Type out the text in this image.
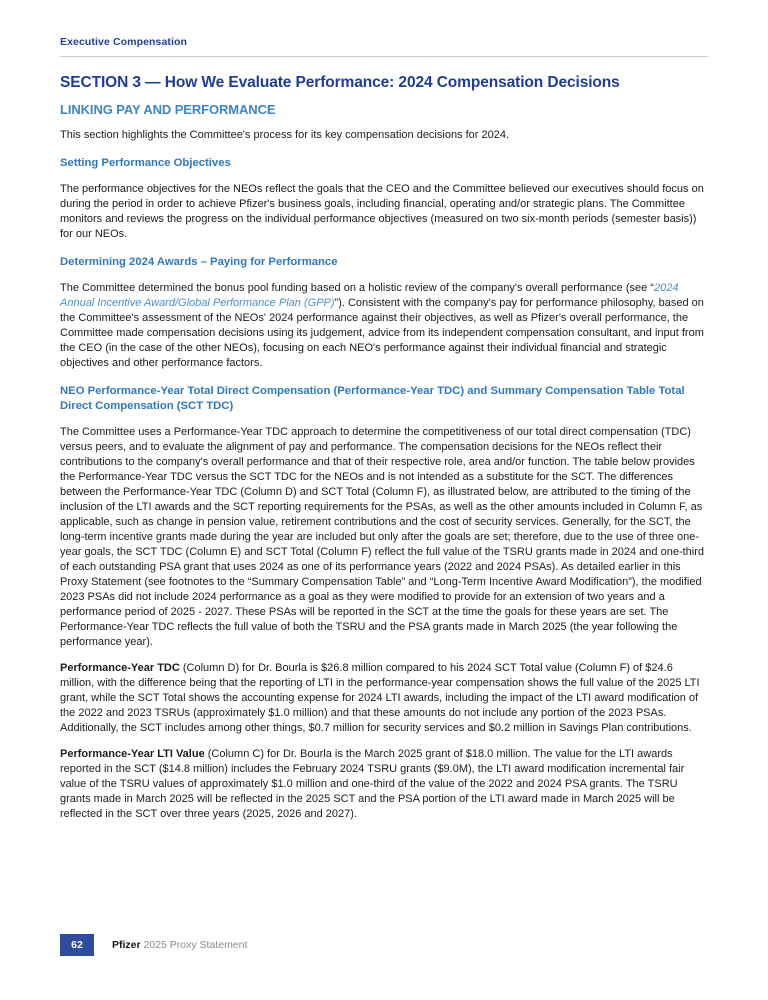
Executive Compensation
SECTION 3 — How We Evaluate Performance: 2024 Compensation Decisions
LINKING PAY AND PERFORMANCE

This section highlights the Committee's process for its key compensation decisions for 2024.

Setting Performance Objectives

The performance objectives for the NEOs reflect the goals that the CEO and the Committee believed our executives should focus on during the period in order to achieve Pfizer's business goals, including financial, operating and/or strategic plans. The Committee monitors and reviews the progress on the individual performance objectives (measured on two six-month periods (semester basis)) for our NEOs.

Determining 2024 Awards – Paying for Performance

The Committee determined the bonus pool funding based on a holistic review of the company's overall performance (see “2024 Annual Incentive Award/Global Performance Plan (GPP)”). Consistent with the company's pay for performance philosophy, based on the Committee's assessment of the NEOs' 2024 performance against their objectives, as well as Pfizer's overall performance, the Committee made compensation decisions using its judgement, advice from its independent compensation consultant, and input from the CEO (in the case of the other NEOs), focusing on each NEO's performance against their individual financial and strategic objectives and other performance factors.

NEO Performance-Year Total Direct Compensation (Performance-Year TDC) and Summary Compensation Table Total Direct Compensation (SCT TDC)

The Committee uses a Performance-Year TDC approach to determine the competitiveness of our total direct compensation (TDC) versus peers, and to evaluate the alignment of pay and performance. The compensation decisions for the NEOs reflect their contributions to the company's overall performance and that of their respective role, area and/or function. The table below provides the Performance-Year TDC versus the SCT TDC for the NEOs and is not intended as a substitute for the SCT. The differences between the Performance-Year TDC (Column D) and SCT Total (Column F), as illustrated below, are attributed to the timing of the inclusion of the LTI awards and the SCT reporting requirements for the PSAs, as well as the other amounts included in Column F, as applicable, such as change in pension value, retirement contributions and the cost of security services. Generally, for the SCT, the long-term incentive grants made during the year are included but only after the goals are set; therefore, due to the use of three one-year goals, the SCT TDC (Column E) and SCT Total (Column F) reflect the full value of the TSRU grants made in 2024 and one-third of each outstanding PSA grant that uses 2024 as one of its performance years (2022 and 2024 PSAs). As detailed earlier in this Proxy Statement (see footnotes to the “Summary Compensation Table” and “Long-Term Incentive Award Modification”), the modified 2023 PSAs did not include 2024 performance as a goal as they were modified to provide for an extension of two years and a performance period of 2025 - 2027. These PSAs will be reported in the SCT at the time the goals for these years are set. The Performance-Year TDC reflects the full value of both the TSRU and the PSA grants made in March 2025 (the year following the performance year).

Performance-Year TDC (Column D) for Dr. Bourla is $26.8 million compared to his 2024 SCT Total value (Column F) of $24.6 million, with the difference being that the reporting of LTI in the performance-year compensation shows the full value of the 2025 LTI grant, while the SCT Total shows the accounting expense for 2024 LTI awards, including the impact of the LTI award modification of the 2022 and 2023 TSRUs (approximately $1.0 million) and that these amounts do not include any portion of the 2023 PSAs. Additionally, the SCT includes among other things, $0.7 million for security services and $0.2 million in Savings Plan contributions.

Performance-Year LTI Value (Column C) for Dr. Bourla is the March 2025 grant of $18.0 million. The value for the LTI awards reported in the SCT ($14.8 million) includes the February 2024 TSRU grants ($9.0M), the LTI award modification incremental fair value of the TSRU values of approximately $1.0 million and one-third of the value of the 2022 and 2024 PSA grants. The TSRU grants made in March 2025 will be reflected in the 2025 SCT and the PSA portion of the LTI award made in March 2025 will be reflected in the SCT over three years (2025, 2026 and 2027).

62	Pfizer 2025 Proxy Statement
